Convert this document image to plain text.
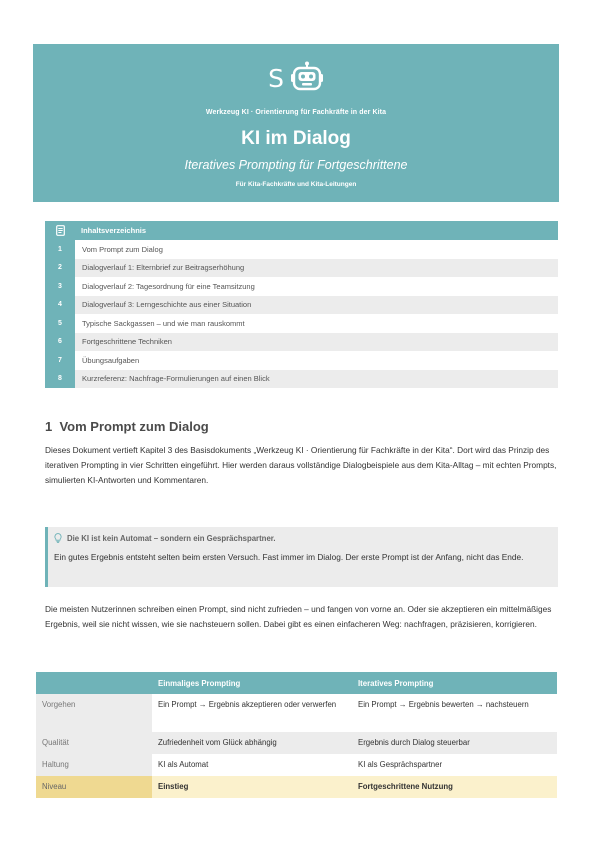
S
Werkzeug KI · Orientierung für Fachkräfte in der Kita
KI im Dialog
Iteratives Prompting für Fortgeschrittene
Für Kita-Fachkräfte und Kita-Leitungen
Inhaltsverzeichnis
1	Vom Prompt zum Dialog
2	Dialogverlauf 1: Elternbrief zur Beitragserhöhung
3	Dialogverlauf 2: Tagesordnung für eine Teamsitzung
4	Dialogverlauf 3: Lerngeschichte aus einer Situation
5	Typische Sackgassen – und wie man rauskommt
6	Fortgeschrittene Techniken
7	Übungsaufgaben
8	Kurzreferenz: Nachfrage-Formulierungen auf einen Blick
1 Vom Prompt zum Dialog
Dieses Dokument vertieft Kapitel 3 des Basisdokuments „Werkzeug KI · Orientierung für Fachkräfte in der Kita“. Dort wird das Prinzip des iterativen Prompting in vier Schritten eingeführt. Hier werden daraus vollständige Dialogbeispiele aus dem Kita-Alltag – mit echten Prompts, simulierten KI-Antworten und Kommentaren.
Die KI ist kein Automat – sondern ein Gesprächspartner.
Ein gutes Ergebnis entsteht selten beim ersten Versuch. Fast immer im Dialog. Der erste Prompt ist der Anfang, nicht das Ende.
Die meisten Nutzerinnen schreiben einen Prompt, sind nicht zufrieden – und fangen von vorne an. Oder sie akzeptieren ein mittelmäßiges Ergebnis, weil sie nicht wissen, wie sie nachsteuern sollen. Dabei gibt es einen einfacheren Weg: nachfragen, präzisieren, korrigieren.
	Einmaliges Prompting	Iteratives Prompting
Vorgehen	Ein Prompt → Ergebnis akzeptieren oder verwerfen	Ein Prompt → Ergebnis bewerten → nachsteuern
Qualität	Zufriedenheit vom Glück abhängig	Ergebnis durch Dialog steuerbar
Haltung	KI als Automat	KI als Gesprächspartner
Niveau	Einstieg	Fortgeschrittene Nutzung
